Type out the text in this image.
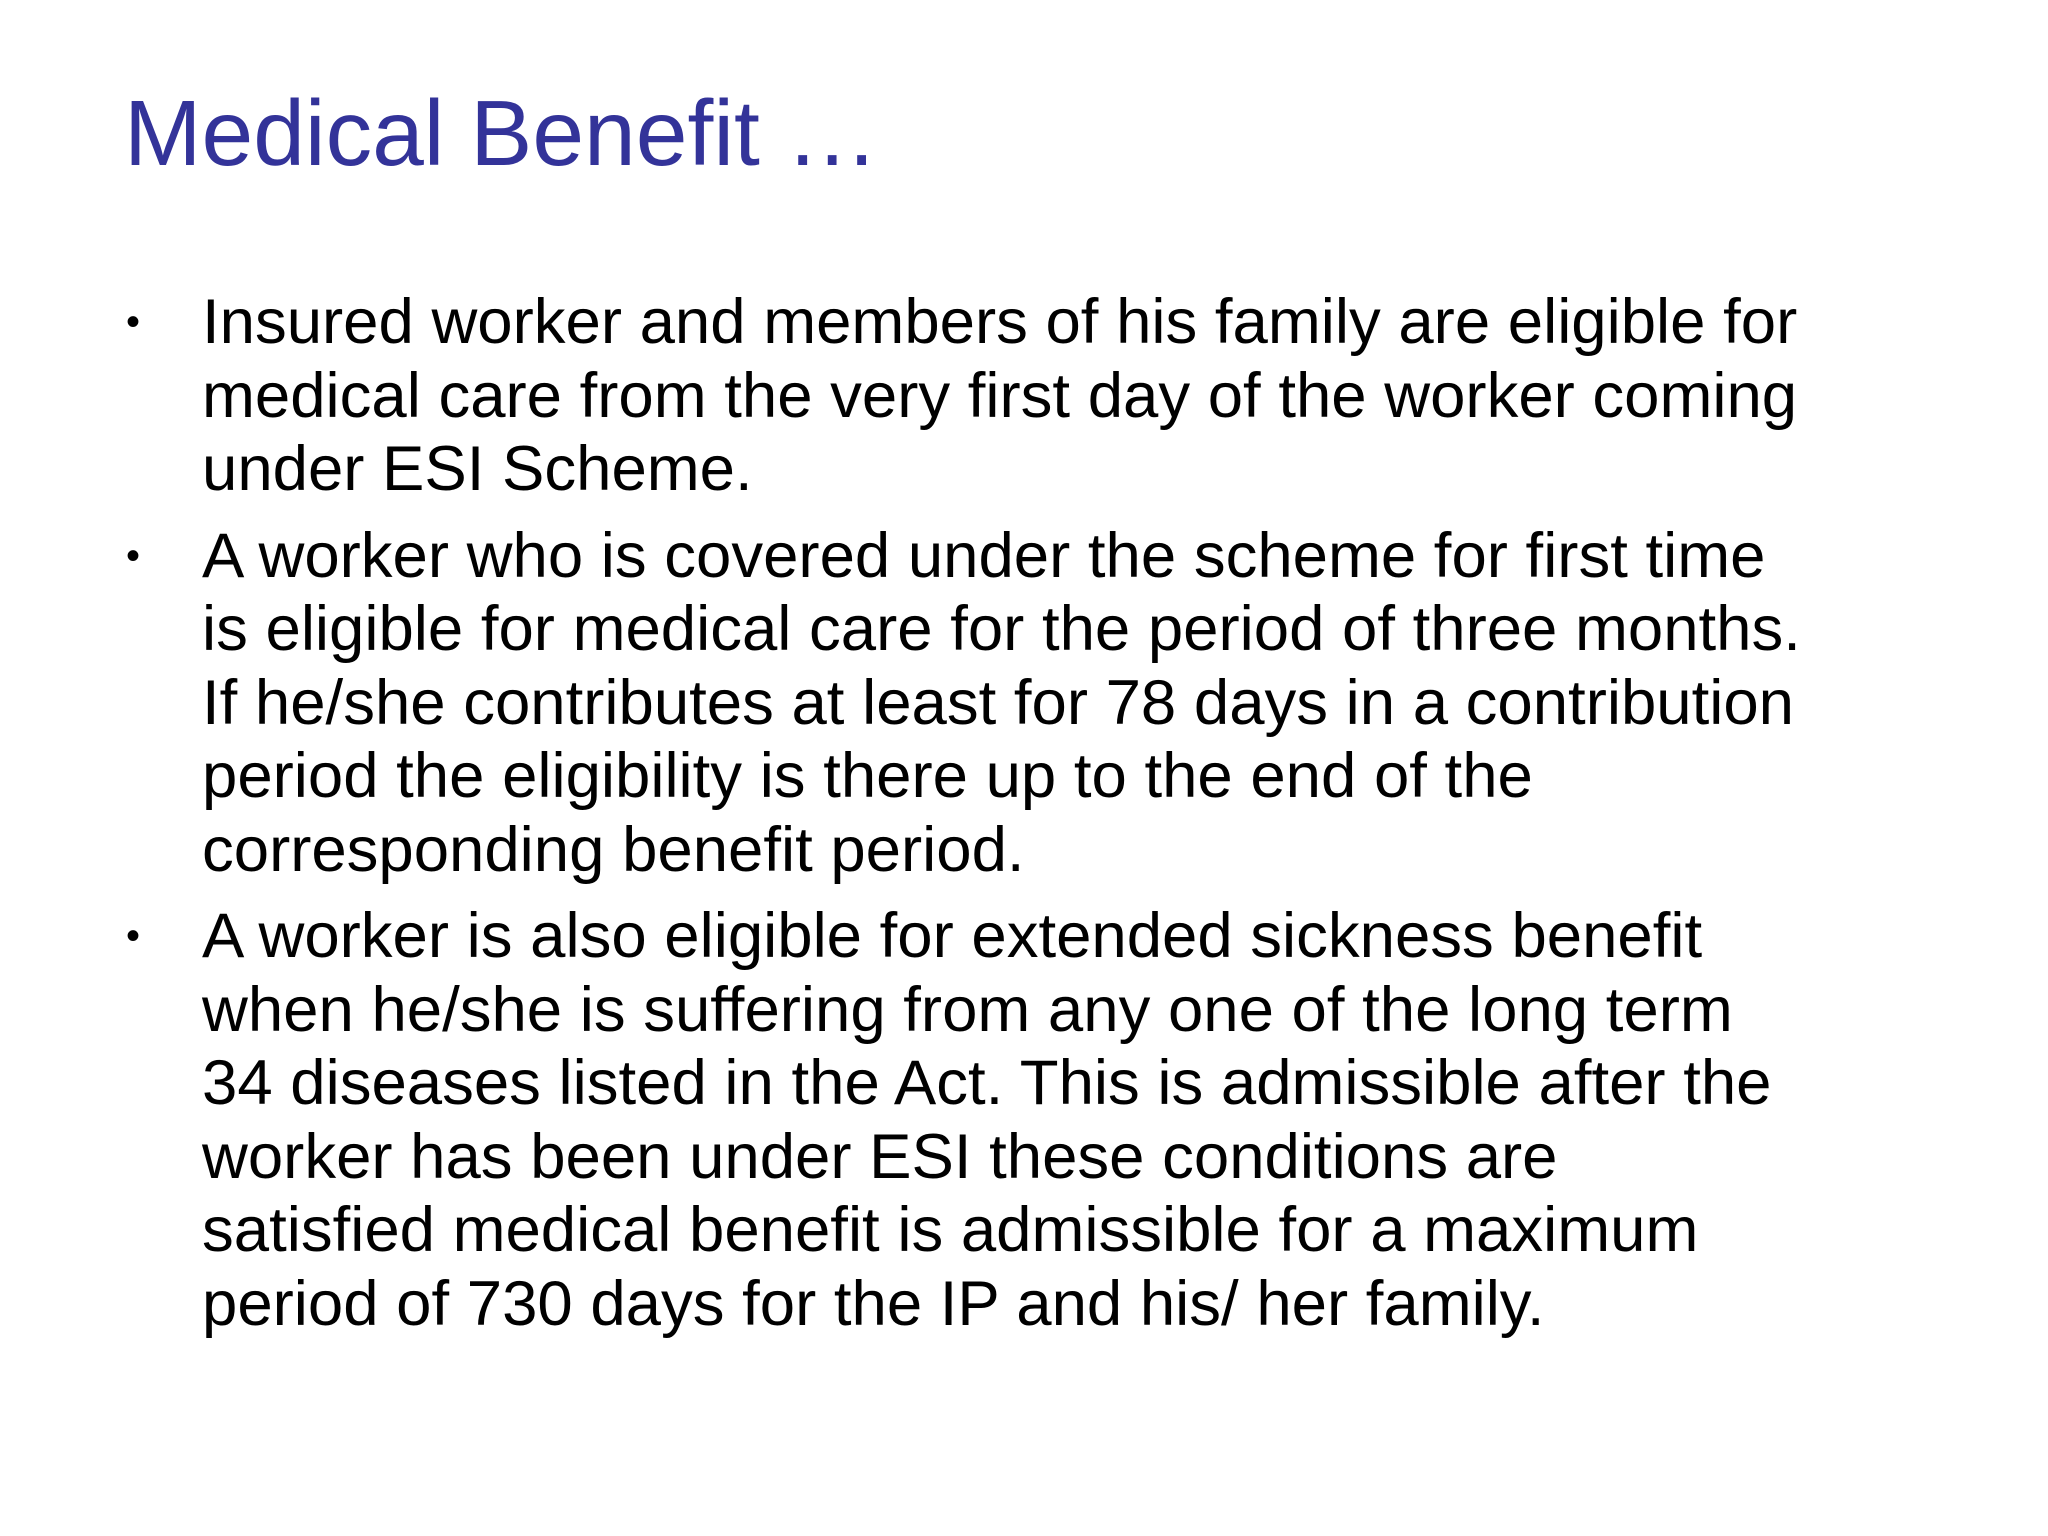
Medical Benefit …
• Insured worker and members of his family are eligible for
medical care from the very first day of the worker coming
under ESI Scheme.
• A worker who is covered under the scheme for first time
is eligible for medical care for the period of three months.
If he/she contributes at least for 78 days in a contribution
period the eligibility is there up to the end of the
corresponding benefit period.
• A worker is also eligible for extended sickness benefit
when he/she is suffering from any one of the long term
34 diseases listed in the Act. This is admissible after the
worker has been under ESI these conditions are
satisfied medical benefit is admissible for a maximum
period of 730 days for the IP and his/ her family.
